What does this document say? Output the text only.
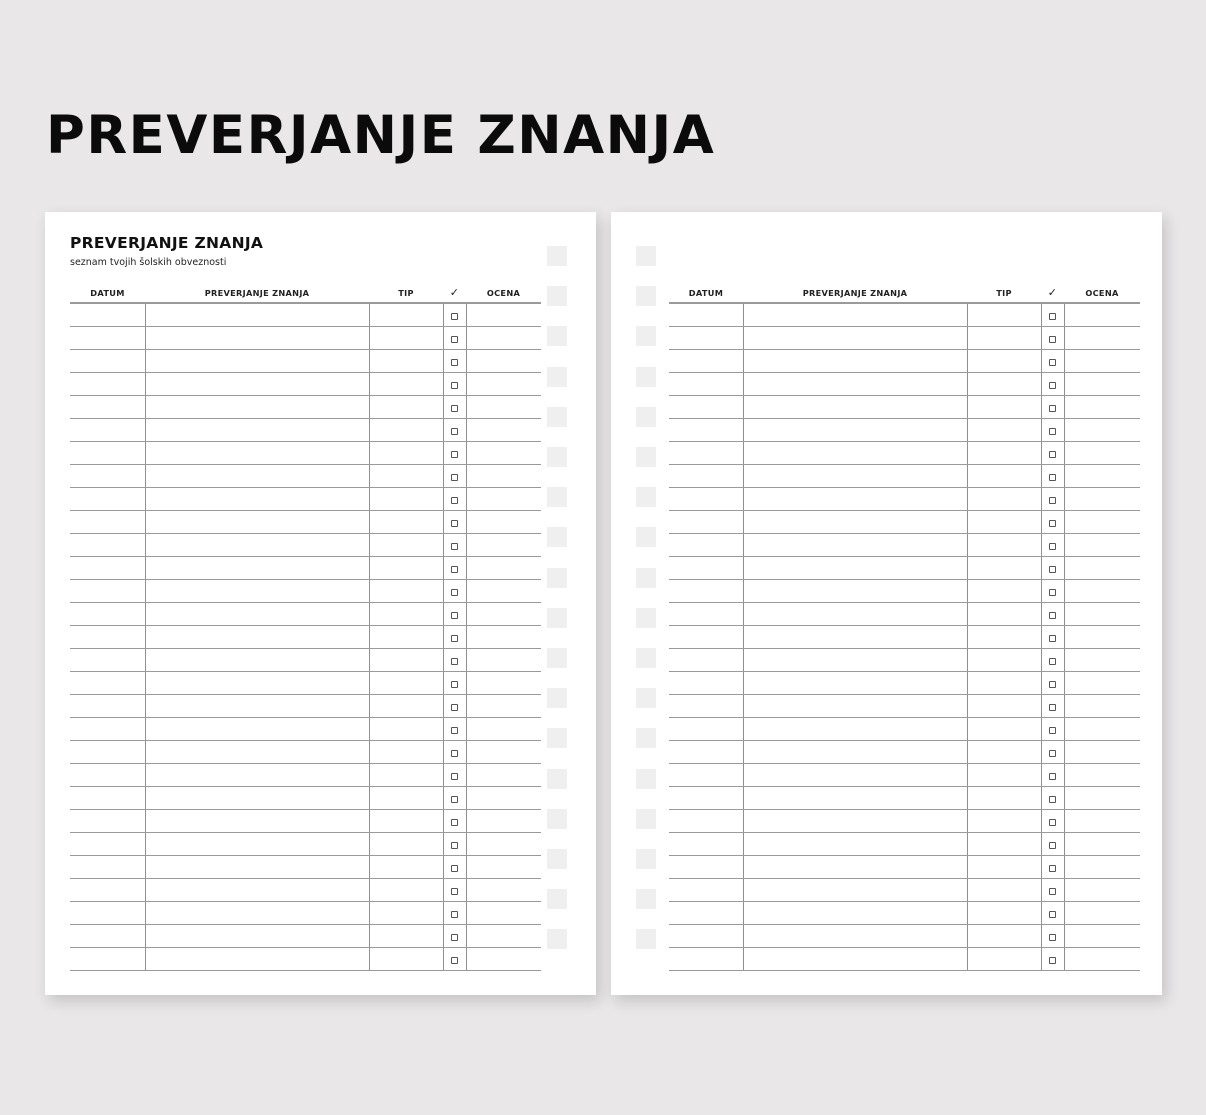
PREVERJANJE ZNANJA
PREVERJANJE ZNANJA
seznam tvojih šolskih obveznosti
DATUM	PREVERJANJE ZNANJA	TIP	✓	OCENA

					DATUM	PREVERJANJE ZNANJA	TIP	✓	OCENA
